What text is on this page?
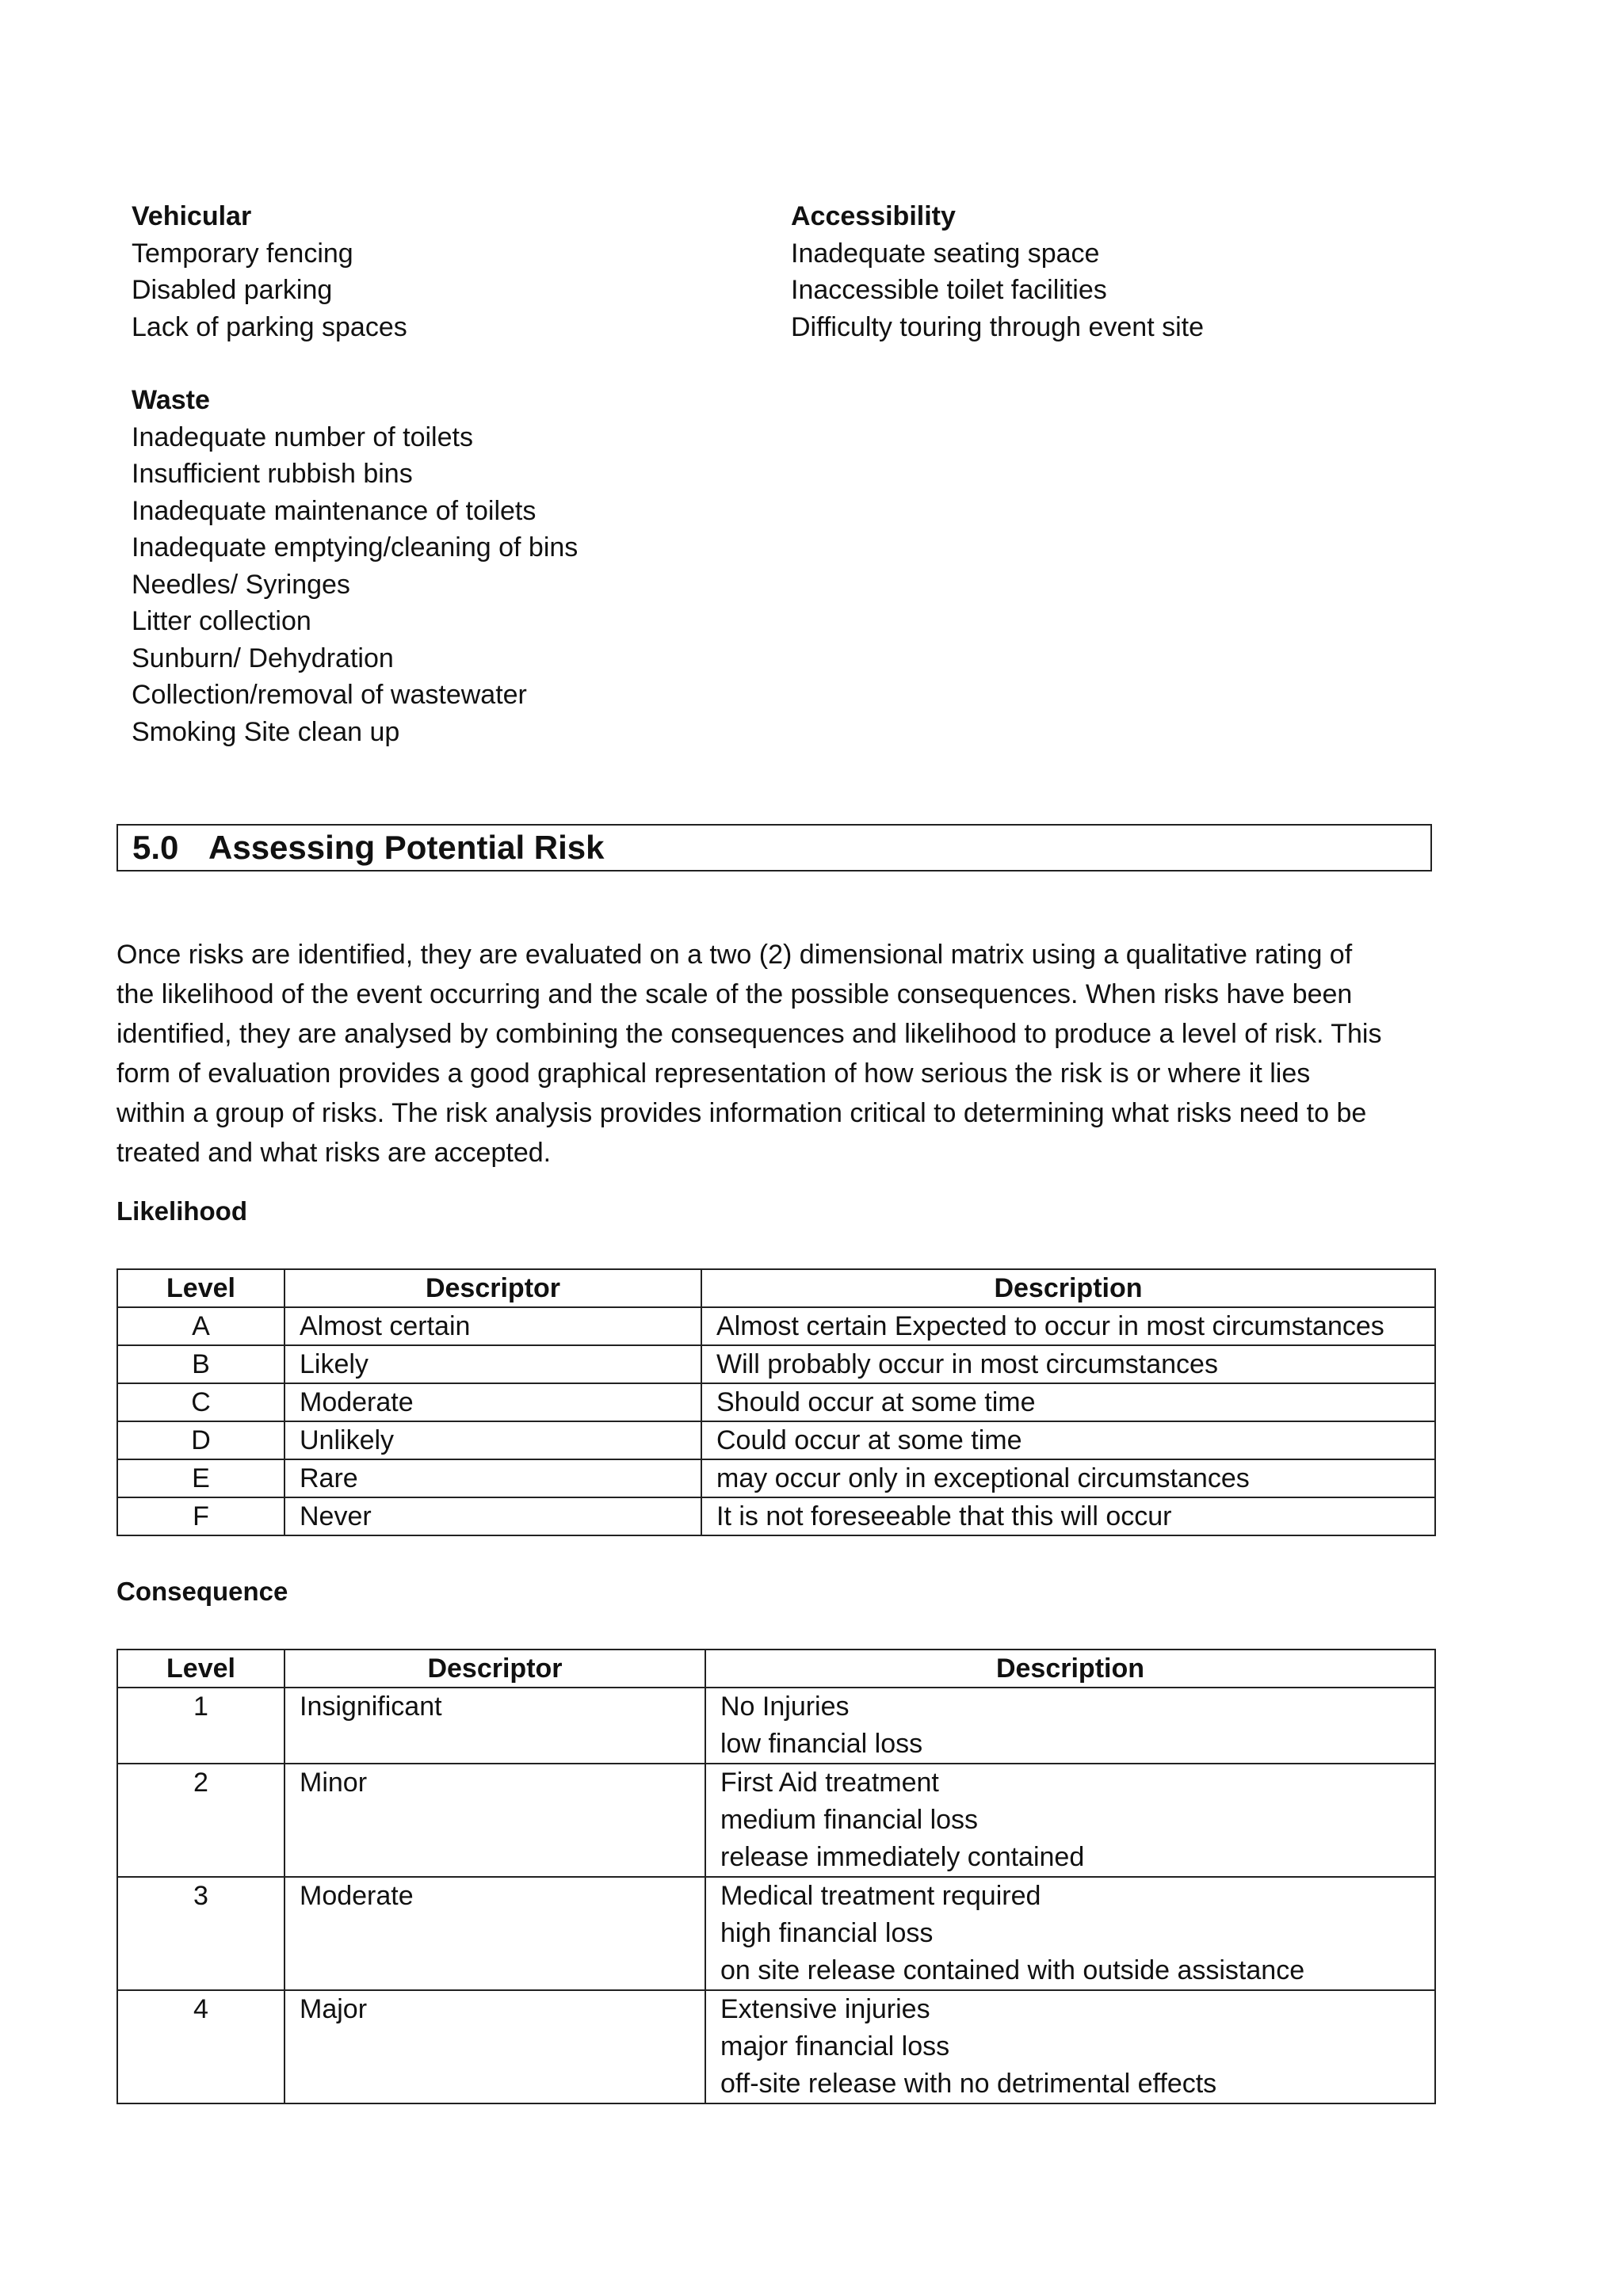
Vehicular
Temporary fencing
Disabled parking
Lack of parking spaces
Accessibility
Inadequate seating space
Inaccessible toilet facilities
Difficulty touring through event site
Waste
Inadequate number of toilets
Insufficient rubbish bins
Inadequate maintenance of toilets
Inadequate emptying/cleaning of bins
Needles/ Syringes
Litter collection
Sunburn/ Dehydration
Collection/removal of wastewater
Smoking Site clean up
5.0 Assessing Potential Risk
Once risks are identified, they are evaluated on a two (2) dimensional matrix using a qualitative rating of
the likelihood of the event occurring and the scale of the possible consequences. When risks have been
identified, they are analysed by combining the consequences and likelihood to produce a level of risk. This
form of evaluation provides a good graphical representation of how serious the risk is or where it lies
within a group of risks. The risk analysis provides information critical to determining what risks need to be
treated and what risks are accepted.
Likelihood
Level	Descriptor	Description
A	Almost certain	Almost certain Expected to occur in most circumstances
B	Likely	Will probably occur in most circumstances
C	Moderate	Should occur at some time
D	Unlikely	Could occur at some time
E	Rare	may occur only in exceptional circumstances
F	Never	It is not foreseeable that this will occur
Consequence
Level	Descriptor	Description
1	Insignificant	No Injuries
low financial loss

2	Minor	First Aid treatment
medium financial loss
release immediately contained

3	Moderate	Medical treatment required
high financial loss
on site release contained with outside assistance

4	Major	Extensive injuries
major financial loss
off-site release with no detrimental effects
